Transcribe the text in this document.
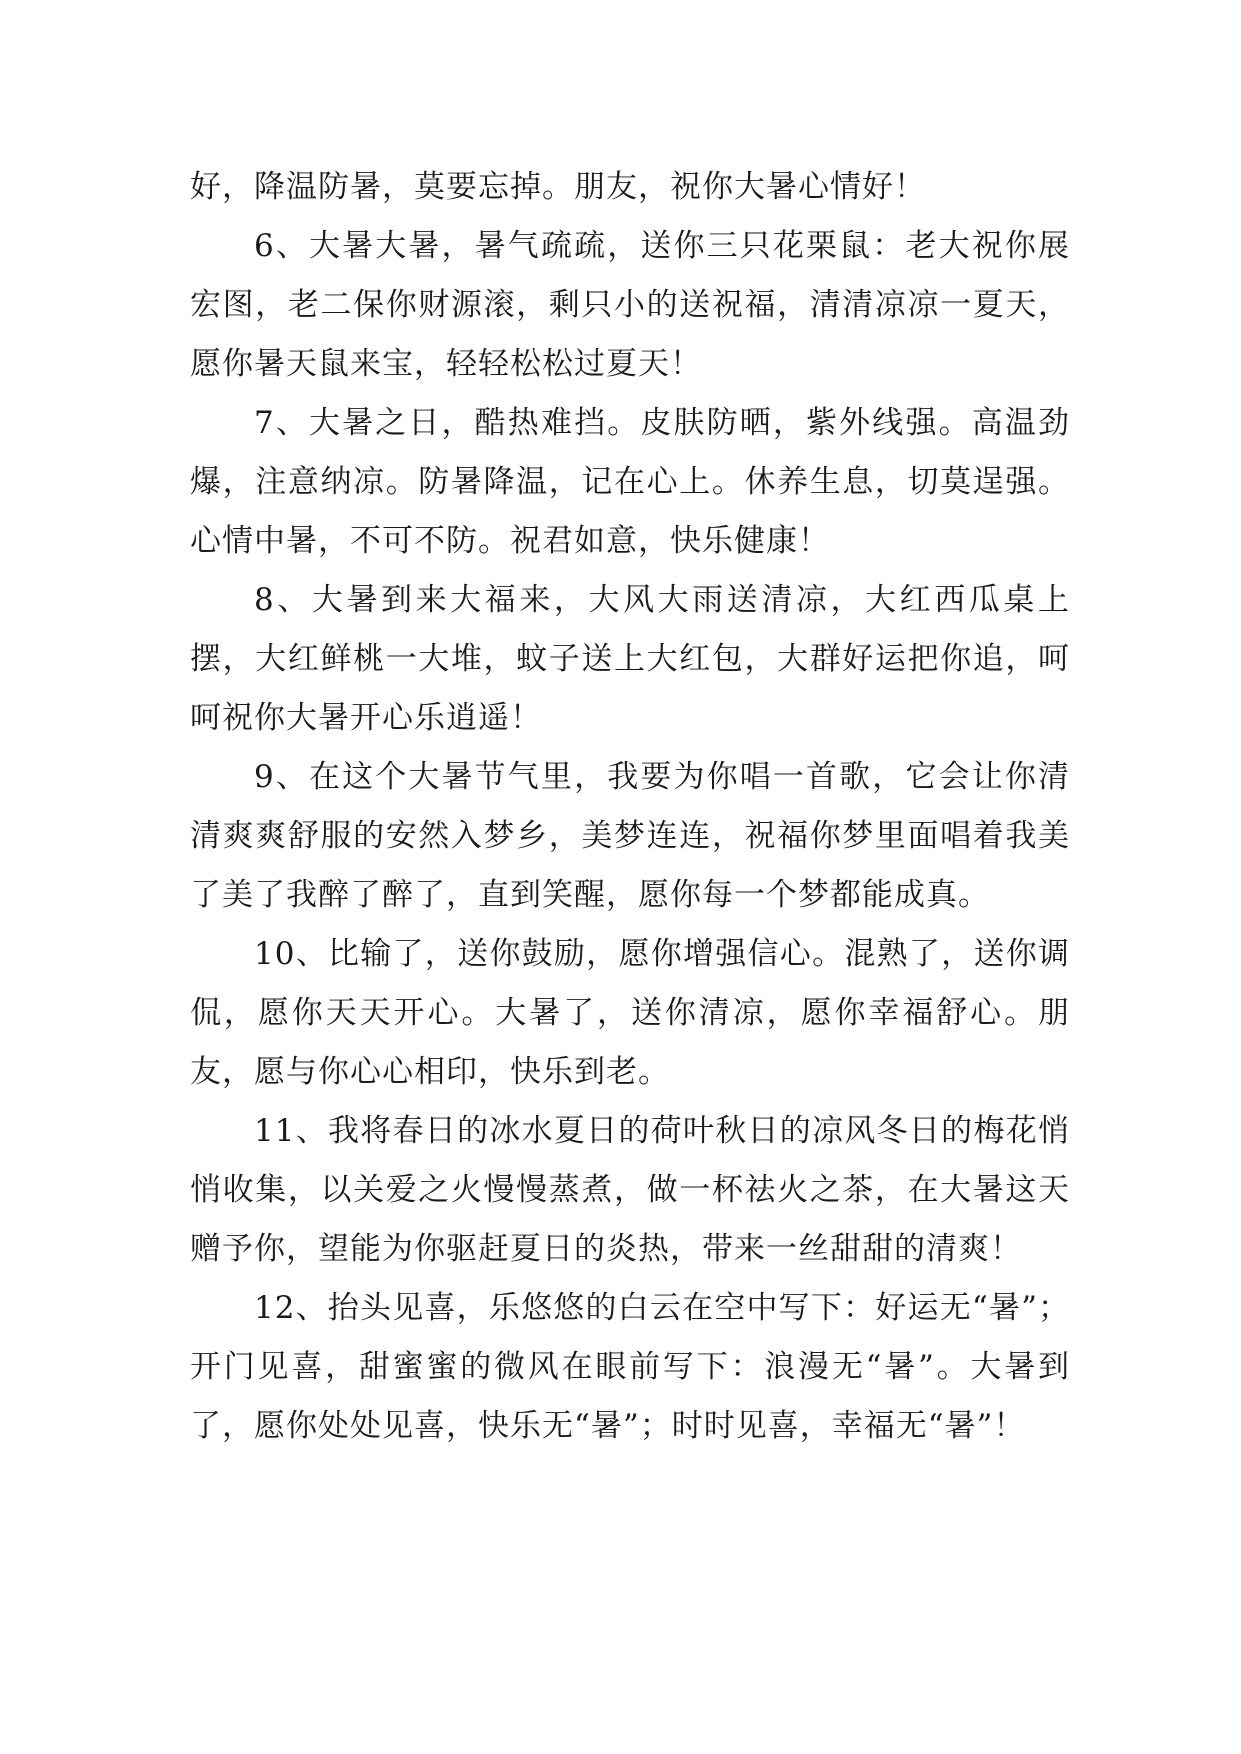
好，降温防暑，莫要忘掉。朋友，祝你大暑心情好！

6、大暑大暑，暑气疏疏，送你三只花栗鼠：老大祝你展宏图，老二保你财源滚，剩只小的送祝福，清清凉凉一夏天，愿你暑天鼠来宝，轻轻松松过夏天！

7、大暑之日，酷热难挡。皮肤防晒，紫外线强。高温劲爆，注意纳凉。防暑降温，记在心上。休养生息，切莫逞强。心情中暑，不可不防。祝君如意，快乐健康！

8、大暑到来大福来，大风大雨送清凉，大红西瓜桌上摆，大红鲜桃一大堆，蚊子送上大红包，大群好运把你追，呵呵祝你大暑开心乐逍遥！

9、在这个大暑节气里，我要为你唱一首歌，它会让你清清爽爽舒服的安然入梦乡，美梦连连，祝福你梦里面唱着我美了美了我醉了醉了，直到笑醒，愿你每一个梦都能成真。

10、比输了，送你鼓励，愿你增强信心。混熟了，送你调侃，愿你天天开心。大暑了，送你清凉，愿你幸福舒心。朋友，愿与你心心相印，快乐到老。

11、我将春日的冰水夏日的荷叶秋日的凉风冬日的梅花悄悄收集，以关爱之火慢慢蒸煮，做一杯祛火之茶，在大暑这天赠予你，望能为你驱赶夏日的炎热，带来一丝甜甜的清爽！

12、抬头见喜，乐悠悠的白云在空中写下：好运无“暑”；开门见喜，甜蜜蜜的微风在眼前写下：浪漫无“暑”。大暑到了，愿你处处见喜，快乐无“暑”；时时见喜，幸福无“暑”！
